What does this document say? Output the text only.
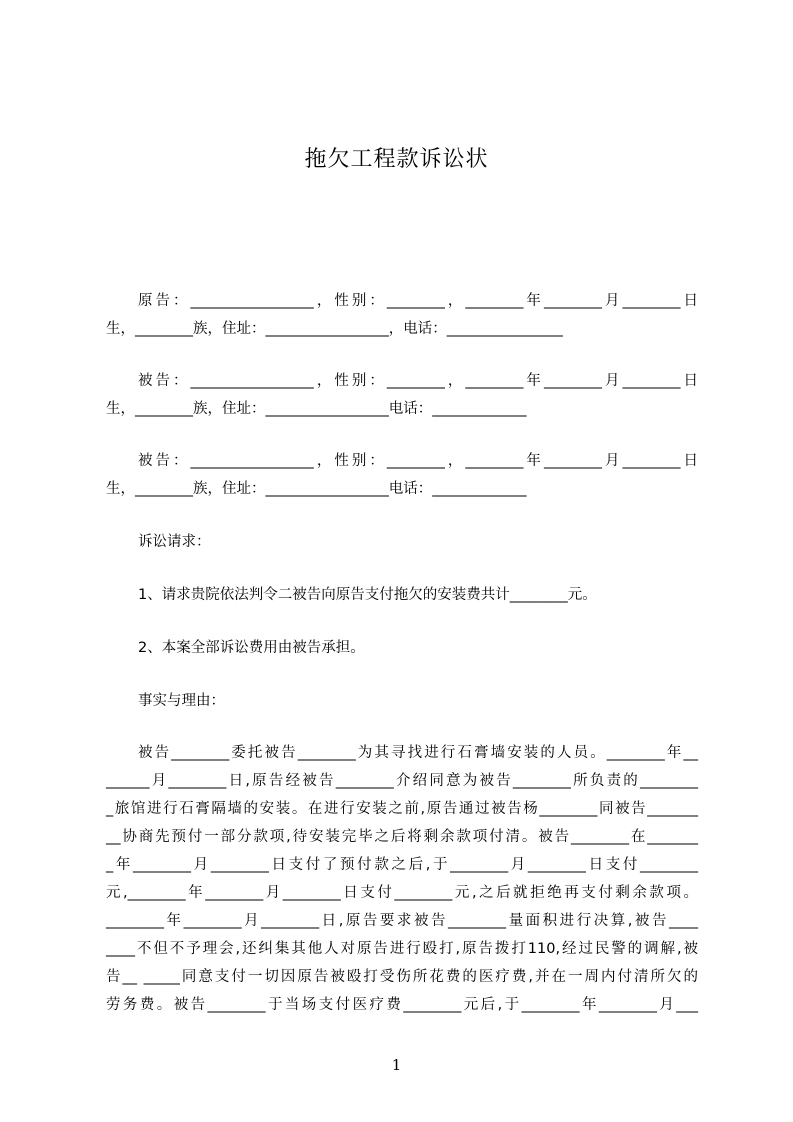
拖欠工程款诉讼状
原告：_________________，性别：________，________年________月________日
生，________族，住址：_________________，电话：________________
被告：_________________，性别：________，________年________月________日
生，________族，住址：_________________电话：_____________
被告：_________________，性别：________，________年________月________日
生，________族，住址：_________________电话：_____________
诉讼请求：
1、请求贵院依法判令二被告向原告支付拖欠的安装费共计________元。
2、本案全部诉讼费用由被告承担。
事实与理由：
被告________委托被告________为其寻找进行石膏墙安装的人员。________年__
______月________日,原告经被告________介绍同意为被告________所负责的________
_旅馆进行石膏隔墙的安装。在进行安装之前,原告通过被告杨________同被告_______
__协商先预付一部分款项,待安装完毕之后将剩余款项付清。被告________在_______
_年________月________日支付了预付款之后,于________月________日支付________
元,________年________月________日支付________元,之后就拒绝再支付剩余款项。
________年________月________日,原告要求被告________量面积进行决算,被告____
____不但不予理会,还纠集其他人对原告进行殴打,原告拨打110,经过民警的调解,被
告__ _____同意支付一切因原告被殴打受伤所花费的医疗费,并在一周内付清所欠的
劳务费。被告________于当场支付医疗费________元后,于________年________月___
1
